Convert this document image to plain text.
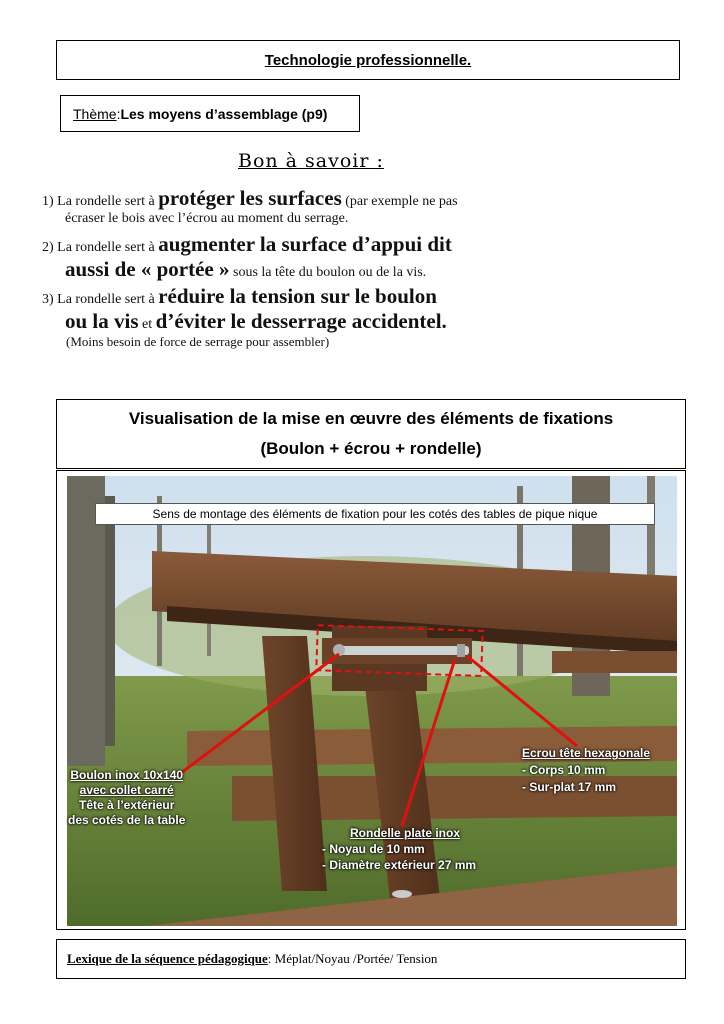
Technologie professionnelle.
Thème : Les moyens d’assemblage (p9)
Bon à savoir :
1) La rondelle sert à protéger les surfaces (par exemple ne pas
écraser le bois avec l’écrou au moment du serrage.
2) La rondelle sert à augmenter la surface d’appui dit
aussi de « portée » sous la tête du boulon ou de la vis.
3) La rondelle sert à réduire la tension sur le boulon
ou la vis et d’éviter le desserrage accidentel.
(Moins besoin de force de serrage pour assembler)
Visualisation de la mise en œuvre des éléments de fixations
(Boulon + écrou + rondelle)
Sens de montage des éléments de fixation pour les cotés des tables de pique nique
Boulon inox 10x140
avec collet carré
Tête à l’extérieur
des cotés de la table
Ecrou tête hexagonale
- Corps 10 mm
- Sur-plat 17 mm
Rondelle plate inox
- Noyau de 10 mm
- Diamètre extérieur 27 mm
Lexique de la séquence pédagogique : Méplat/Noyau /Portée/ Tension
